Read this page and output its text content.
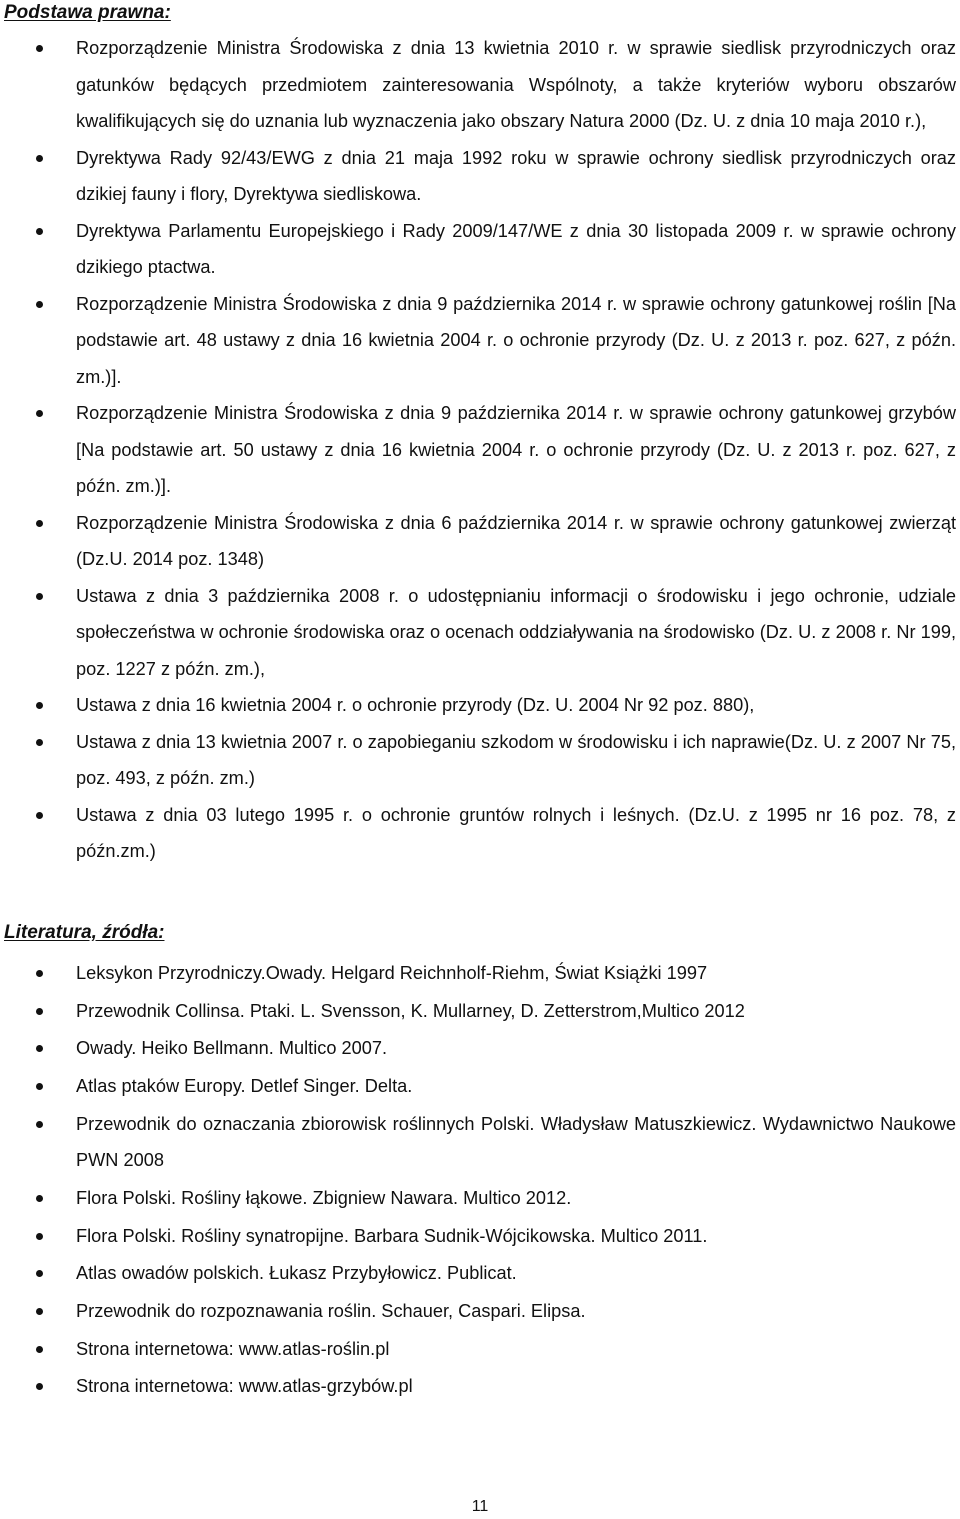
Podstawa prawna:
Rozporządzenie Ministra Środowiska z dnia 13 kwietnia 2010 r. w sprawie siedlisk przyrodniczych oraz gatunków będących przedmiotem zainteresowania Wspólnoty, a także kryteriów wyboru obszarów kwalifikujących się do uznania lub wyznaczenia jako obszary Natura 2000 (Dz. U. z dnia 10 maja 2010 r.),
Dyrektywa Rady 92/43/EWG z dnia 21 maja 1992 roku w sprawie ochrony siedlisk przyrodniczych oraz dzikiej fauny i flory, Dyrektywa siedliskowa.
Dyrektywa Parlamentu Europejskiego i Rady 2009/147/WE z dnia 30 listopada 2009 r. w sprawie ochrony dzikiego ptactwa.
Rozporządzenie Ministra Środowiska z dnia 9 października 2014 r. w sprawie ochrony gatunkowej roślin [Na podstawie art. 48 ustawy z dnia 16 kwietnia 2004 r. o ochronie przyrody (Dz. U. z 2013 r. poz. 627, z późn. zm.)].
Rozporządzenie Ministra Środowiska z dnia 9 października 2014 r. w sprawie ochrony gatunkowej grzybów [Na podstawie art. 50 ustawy z dnia 16 kwietnia 2004 r. o ochronie przyrody (Dz. U. z 2013 r. poz. 627, z późn. zm.)].
Rozporządzenie Ministra Środowiska z dnia 6 października 2014 r. w sprawie ochrony gatunkowej zwierząt (Dz.U. 2014 poz. 1348)
Ustawa z dnia 3 października 2008 r. o udostępnianiu informacji o środowisku i jego ochronie, udziale społeczeństwa w ochronie środowiska oraz o ocenach oddziaływania na środowisko (Dz. U. z 2008 r. Nr 199, poz. 1227 z późn. zm.),
Ustawa z dnia 16 kwietnia 2004 r. o ochronie przyrody (Dz. U. 2004 Nr 92 poz. 880),
Ustawa z dnia 13 kwietnia 2007 r. o zapobieganiu szkodom w środowisku i ich naprawie(Dz. U. z 2007 Nr 75, poz. 493, z późn. zm.)
Ustawa z dnia 03 lutego 1995 r. o ochronie gruntów rolnych i leśnych. (Dz.U. z 1995 nr 16 poz. 78, z późn.zm.)
Literatura, źródła:
Leksykon Przyrodniczy.Owady. Helgard Reichnholf-Riehm, Świat Książki 1997
Przewodnik Collinsa. Ptaki. L. Svensson, K. Mullarney, D. Zetterstrom,Multico 2012
Owady. Heiko Bellmann. Multico 2007.
Atlas ptaków Europy. Detlef Singer. Delta.
Przewodnik do oznaczania zbiorowisk roślinnych Polski. Władysław Matuszkiewicz. Wydawnictwo Naukowe PWN 2008
Flora Polski. Rośliny łąkowe. Zbigniew Nawara. Multico 2012.
Flora Polski. Rośliny synatropijne. Barbara Sudnik-Wójcikowska. Multico 2011.
Atlas owadów polskich. Łukasz Przybyłowicz. Publicat.
Przewodnik do rozpoznawania roślin. Schauer, Caspari. Elipsa.
Strona internetowa: www.atlas-roślin.pl
Strona internetowa: www.atlas-grzybów.pl
11
